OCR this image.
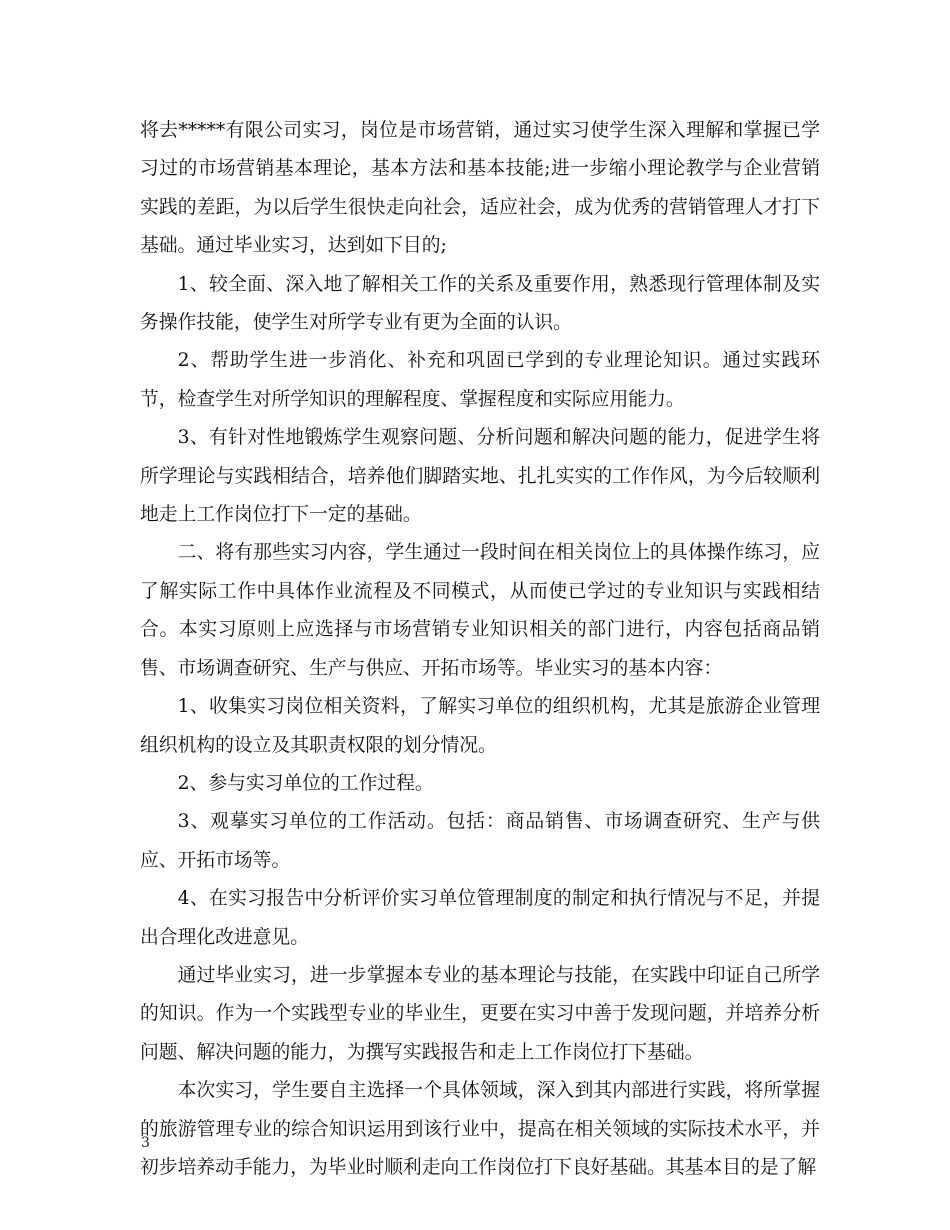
将去*****有限公司实习，岗位是市场营销，通过实习使学生深入理解和掌握已学习过的市场营销基本理论，基本方法和基本技能;进一步缩小理论教学与企业营销实践的差距，为以后学生很快走向社会，适应社会，成为优秀的营销管理人才打下基础。通过毕业实习，达到如下目的;

1、较全面、深入地了解相关工作的关系及重要作用，熟悉现行管理体制及实务操作技能，使学生对所学专业有更为全面的认识。

2、帮助学生进一步消化、补充和巩固已学到的专业理论知识。通过实践环节，检查学生对所学知识的理解程度、掌握程度和实际应用能力。

3、有针对性地锻炼学生观察问题、分析问题和解决问题的能力，促进学生将所学理论与实践相结合，培养他们脚踏实地、扎扎实实的工作作风，为今后较顺利地走上工作岗位打下一定的基础。

二、将有那些实习内容，学生通过一段时间在相关岗位上的具体操作练习，应了解实际工作中具体作业流程及不同模式，从而使已学过的专业知识与实践相结合。本实习原则上应选择与市场营销专业知识相关的部门进行，内容包括商品销售、市场调查研究、生产与供应、开拓市场等。毕业实习的基本内容：

1、收集实习岗位相关资料，了解实习单位的组织机构，尤其是旅游企业管理组织机构的设立及其职责权限的划分情况。

2、参与实习单位的工作过程。

3、观摹实习单位的工作活动。包括：商品销售、市场调查研究、生产与供应、开拓市场等。

4、在实习报告中分析评价实习单位管理制度的制定和执行情况与不足，并提出合理化改进意见。

通过毕业实习，进一步掌握本专业的基本理论与技能，在实践中印证自己所学的知识。作为一个实践型专业的毕业生，更要在实习中善于发现问题，并培养分析问题、解决问题的能力，为撰写实践报告和走上工作岗位打下基础。

本次实习，学生要自主选择一个具体领域，深入到其内部进行实践，将所掌握的旅游管理专业的综合知识运用到该行业中，提高在相关领域的实际技术水平，并初步培养动手能力，为毕业时顺利走向工作岗位打下良好基础。其基本目的是了解

3
